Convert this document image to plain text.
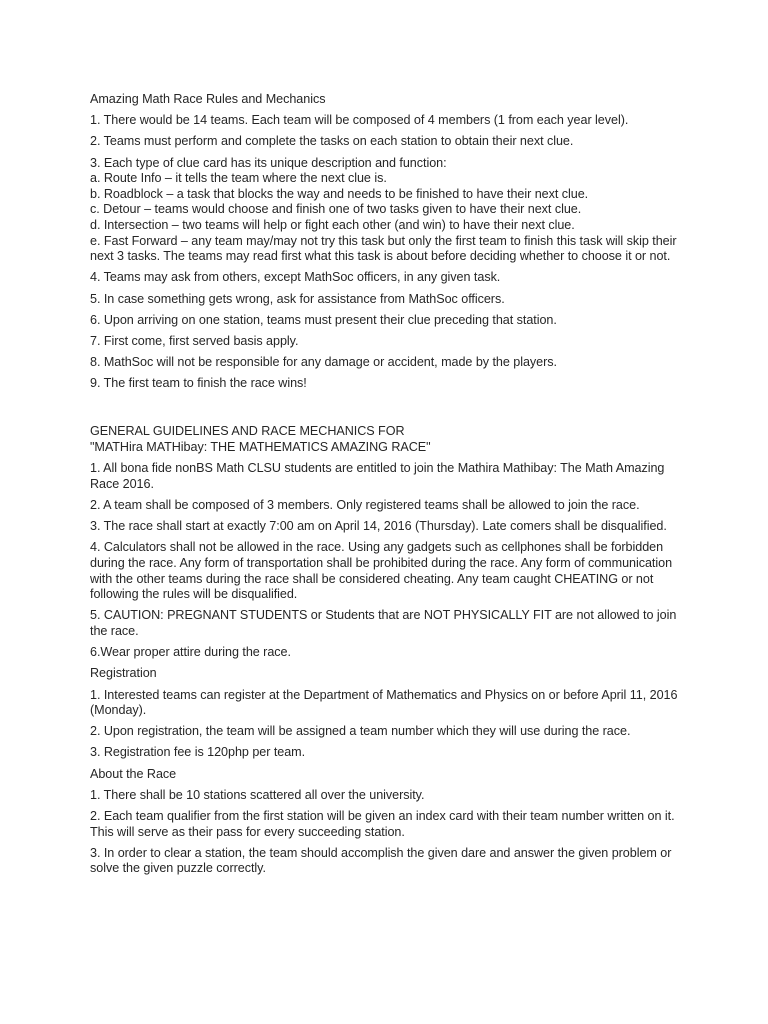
Amazing Math Race Rules and Mechanics

1. There would be 14 teams. Each team will be composed of 4 members (1 from each year level).

2. Teams must perform and complete the tasks on each station to obtain their next clue.

3. Each type of clue card has its unique description and function:
a. Route Info – it tells the team where the next clue is.
b. Roadblock – a task that blocks the way and needs to be finished to have their next clue.
c. Detour – teams would choose and finish one of two tasks given to have their next clue.
d. Intersection – two teams will help or fight each other (and win) to have their next clue.
e. Fast Forward – any team may/may not try this task but only the first team to finish this task will skip their next 3 tasks. The teams may read first what this task is about before deciding whether to choose it or not.

4. Teams may ask from others, except MathSoc officers, in any given task.

5. In case something gets wrong, ask for assistance from MathSoc officers.

6. Upon arriving on one station, teams must present their clue preceding that station.

7. First come, first served basis apply.

8. MathSoc will not be responsible for any damage or accident, made by the players.

9. The first team to finish the race wins!

GENERAL GUIDELINES AND RACE MECHANICS FOR
"MATHira MATHibay: THE MATHEMATICS AMAZING RACE"

1. All bona fide nonBS Math CLSU students are entitled to join the Mathira Mathibay: The Math Amazing Race 2016.

2. A team shall be composed of 3 members. Only registered teams shall be allowed to join the race.

3. The race shall start at exactly 7:00 am on April 14, 2016 (Thursday). Late comers shall be disqualified.

4. Calculators shall not be allowed in the race. Using any gadgets such as cellphones shall be forbidden during the race. Any form of transportation shall be prohibited during the race. Any form of communication with the other teams during the race shall be considered cheating. Any team caught CHEATING or not following the rules will be disqualified.

5. CAUTION: PREGNANT STUDENTS or Students that are NOT PHYSICALLY FIT are not allowed to join the race.

6.Wear proper attire during the race.

Registration

1. Interested teams can register at the Department of Mathematics and Physics on or before April 11, 2016 (Monday).

2. Upon registration, the team will be assigned a team number which they will use during the race.

3. Registration fee is 120php per team.

About the Race

1. There shall be 10 stations scattered all over the university.

2. Each team qualifier from the first station will be given an index card with their team number written on it. This will serve as their pass for every succeeding station.

3. In order to clear a station, the team should accomplish the given dare and answer the given problem or solve the given puzzle correctly.
